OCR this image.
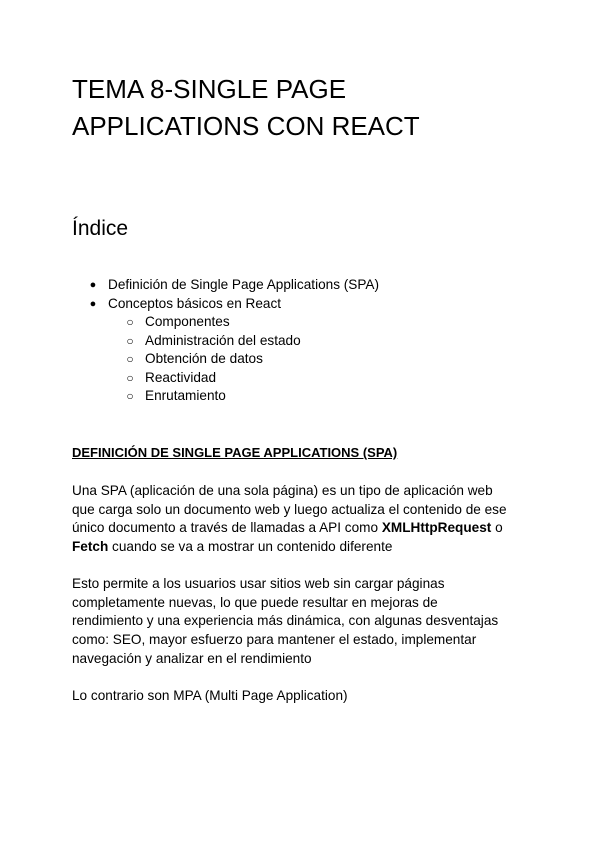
TEMA 8-SINGLE PAGE
APPLICATIONS CON REACT
Índice
● Definición de Single Page Applications (SPA)
● Conceptos básicos en React
○ Componentes
○ Administración del estado
○ Obtención de datos
○ Reactividad
○ Enrutamiento
DEFINICIÓN DE SINGLE PAGE APPLICATIONS (SPA)

Una SPA (aplicación de una sola página) es un tipo de aplicación web
que carga solo un documento web y luego actualiza el contenido de ese
único documento a través de llamadas a API como XMLHttpRequest o
Fetch cuando se va a mostrar un contenido diferente

Esto permite a los usuarios usar sitios web sin cargar páginas
completamente nuevas, lo que puede resultar en mejoras de
rendimiento y una experiencia más dinámica, con algunas desventajas
como: SEO, mayor esfuerzo para mantener el estado, implementar
navegación y analizar en el rendimiento

Lo contrario son MPA (Multi Page Application)
